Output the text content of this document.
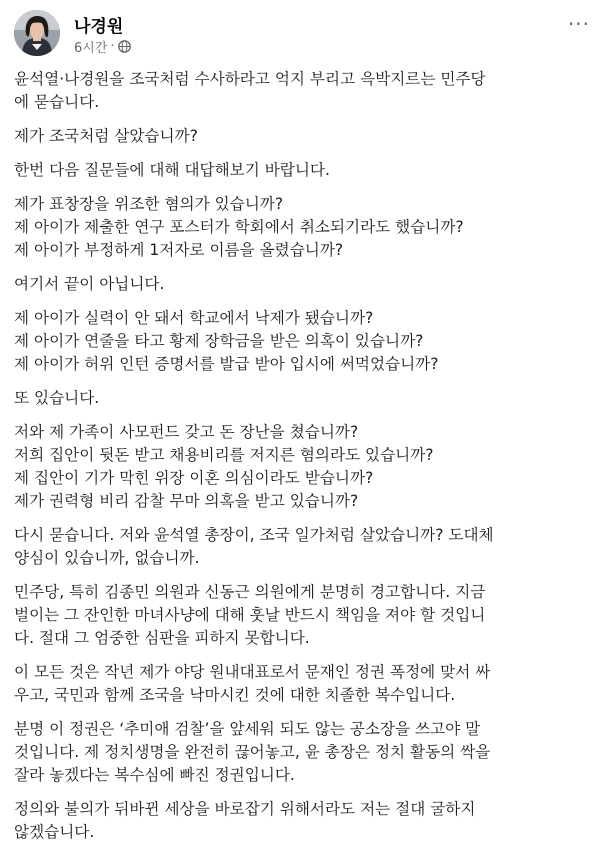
나경원
6시간 ·
···

윤석열·나경원을 조국처럼 수사하라고 억지 부리고 윽박지르는 민주당
에 묻습니다.

제가 조국처럼 살았습니까?

한번 다음 질문들에 대해 대답해보기 바랍니다.

제가 표창장을 위조한 혐의가 있습니까?
제 아이가 제출한 연구 포스터가 학회에서 취소되기라도 했습니까?
제 아이가 부정하게 1저자로 이름을 올렸습니까?

여기서 끝이 아닙니다.

제 아이가 실력이 안 돼서 학교에서 낙제가 됐습니까?
제 아이가 연줄을 타고 황제 장학금을 받은 의혹이 있습니까?
제 아이가 허위 인턴 증명서를 발급 받아 입시에 써먹었습니까?

또 있습니다.

저와 제 가족이 사모펀드 갖고 돈 장난을 쳤습니까?
저희 집안이 뒷돈 받고 채용비리를 저지른 혐의라도 있습니까?
제 집안이 기가 막힌 위장 이혼 의심이라도 받습니까?
제가 권력형 비리 감찰 무마 의혹을 받고 있습니까?

다시 묻습니다. 저와 윤석열 총장이, 조국 일가처럼 살았습니까? 도대체
양심이 있습니까, 없습니까.

민주당, 특히 김종민 의원과 신동근 의원에게 분명히 경고합니다. 지금
벌이는 그 잔인한 마녀사냥에 대해 훗날 반드시 책임을 져야 할 것입니
다. 절대 그 엄중한 심판을 피하지 못합니다.

이 모든 것은 작년 제가 야당 원내대표로서 문재인 정권 폭정에 맞서 싸
우고, 국민과 함께 조국을 낙마시킨 것에 대한 치졸한 복수입니다.

분명 이 정권은 ‘추미애 검찰’을 앞세워 되도 않는 공소장을 쓰고야 말
것입니다. 제 정치생명을 완전히 끊어놓고, 윤 총장은 정치 활동의 싹을
잘라 놓겠다는 복수심에 빠진 정권입니다.

정의와 불의가 뒤바뀐 세상을 바로잡기 위해서라도 저는 절대 굴하지
않겠습니다.
